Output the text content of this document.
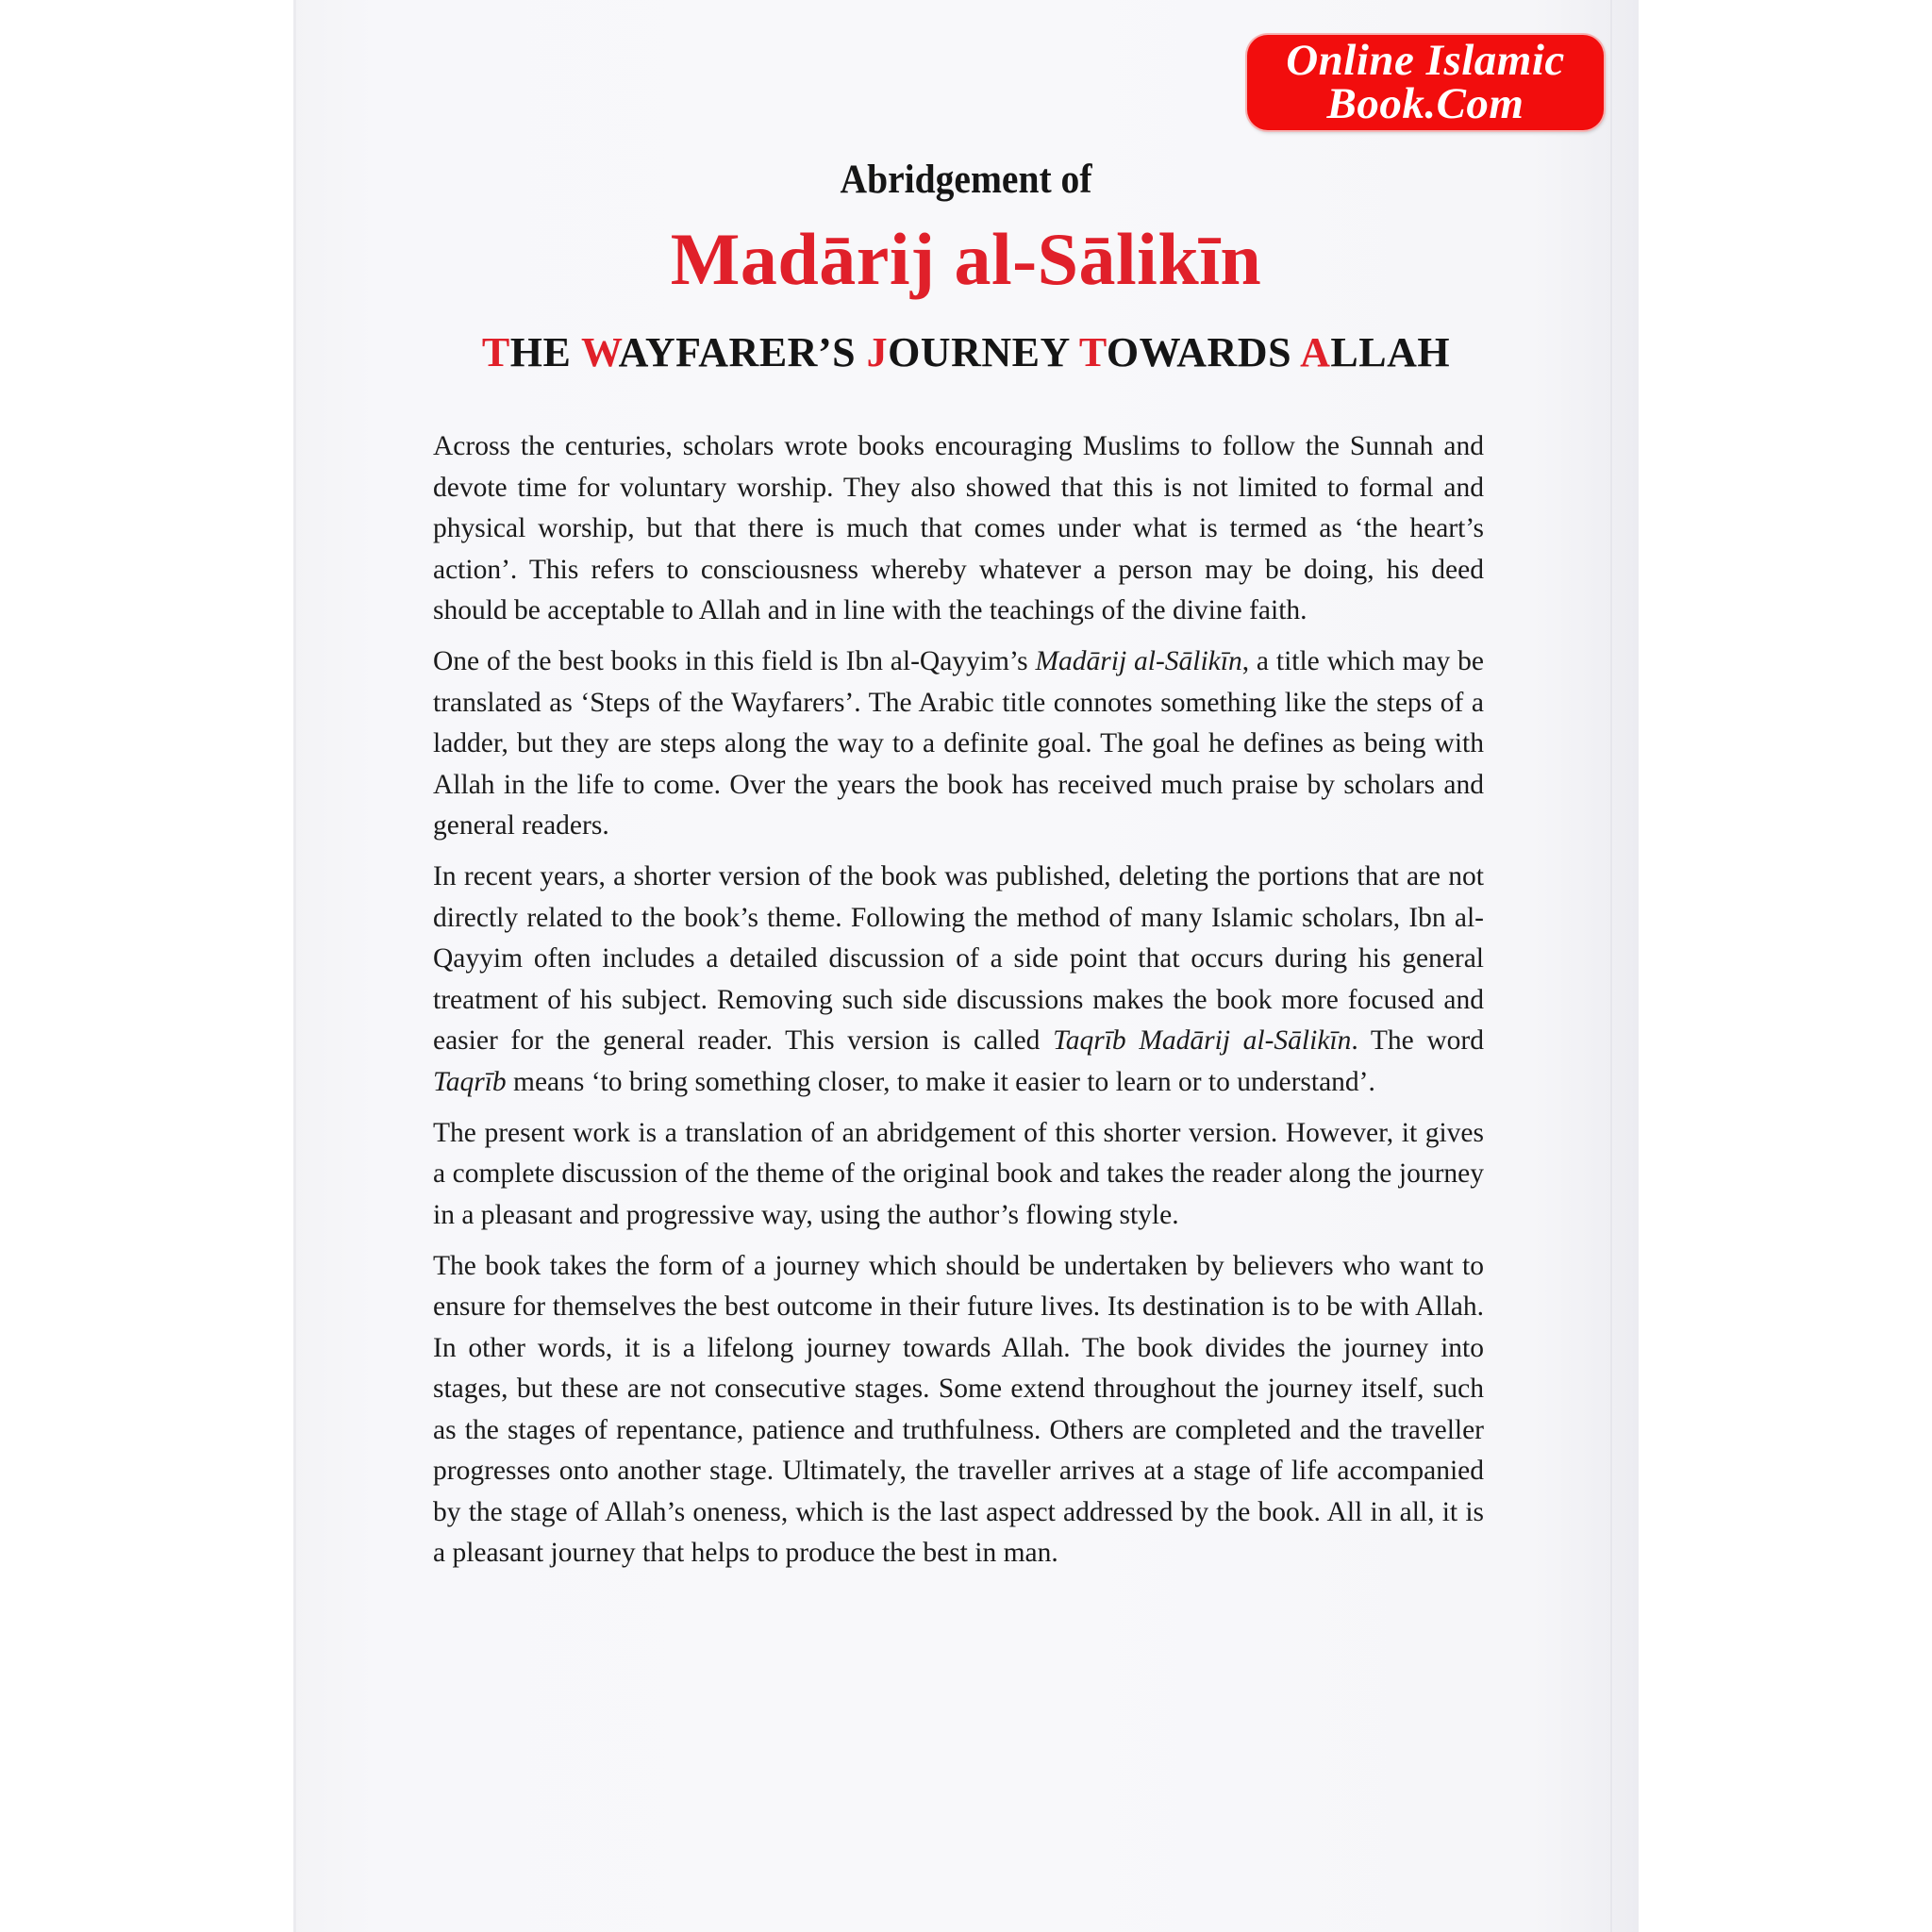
Online Islamic
Book.Com
Abridgement of
Madārij al-Sālikīn
THE WAYFARER’S JOURNEY TOWARDS ALLAH

Across the centuries, scholars wrote books encouraging Muslims to follow the Sunnah and devote time for voluntary worship. They also showed that this is not limited to formal and physical worship, but that there is much that comes under what is termed as ‘the heart’s action’. This refers to consciousness whereby whatever a person may be doing, his deed should be acceptable to Allah and in line with the teachings of the divine faith.

One of the best books in this field is Ibn al-Qayyim’s Madārij al-Sālikīn, a title which may be translated as ‘Steps of the Wayfarers’. The Arabic title connotes something like the steps of a ladder, but they are steps along the way to a definite goal. The goal he defines as being with Allah in the life to come. Over the years the book has received much praise by scholars and general readers.

In recent years, a shorter version of the book was published, deleting the portions that are not directly related to the book’s theme. Following the method of many Islamic scholars, Ibn al-Qayyim often includes a detailed discussion of a side point that occurs during his general treatment of his subject. Removing such side discussions makes the book more focused and easier for the general reader. This version is called Taqrīb Madārij al-Sālikīn. The word Taqrīb means ‘to bring something closer, to make it easier to learn or to understand’.

The present work is a translation of an abridgement of this shorter version. However, it gives a complete discussion of the theme of the original book and takes the reader along the journey in a pleasant and progressive way, using the author’s flowing style.

The book takes the form of a journey which should be undertaken by believers who want to ensure for themselves the best outcome in their future lives. Its destination is to be with Allah. In other words, it is a lifelong journey towards Allah. The book divides the journey into stages, but these are not consecutive stages. Some extend throughout the journey itself, such as the stages of repentance, patience and truthfulness. Others are completed and the traveller progresses onto another stage. Ultimately, the traveller arrives at a stage of life accompanied by the stage of Allah’s oneness, which is the last aspect addressed by the book. All in all, it is a pleasant journey that helps to produce the best in man.
